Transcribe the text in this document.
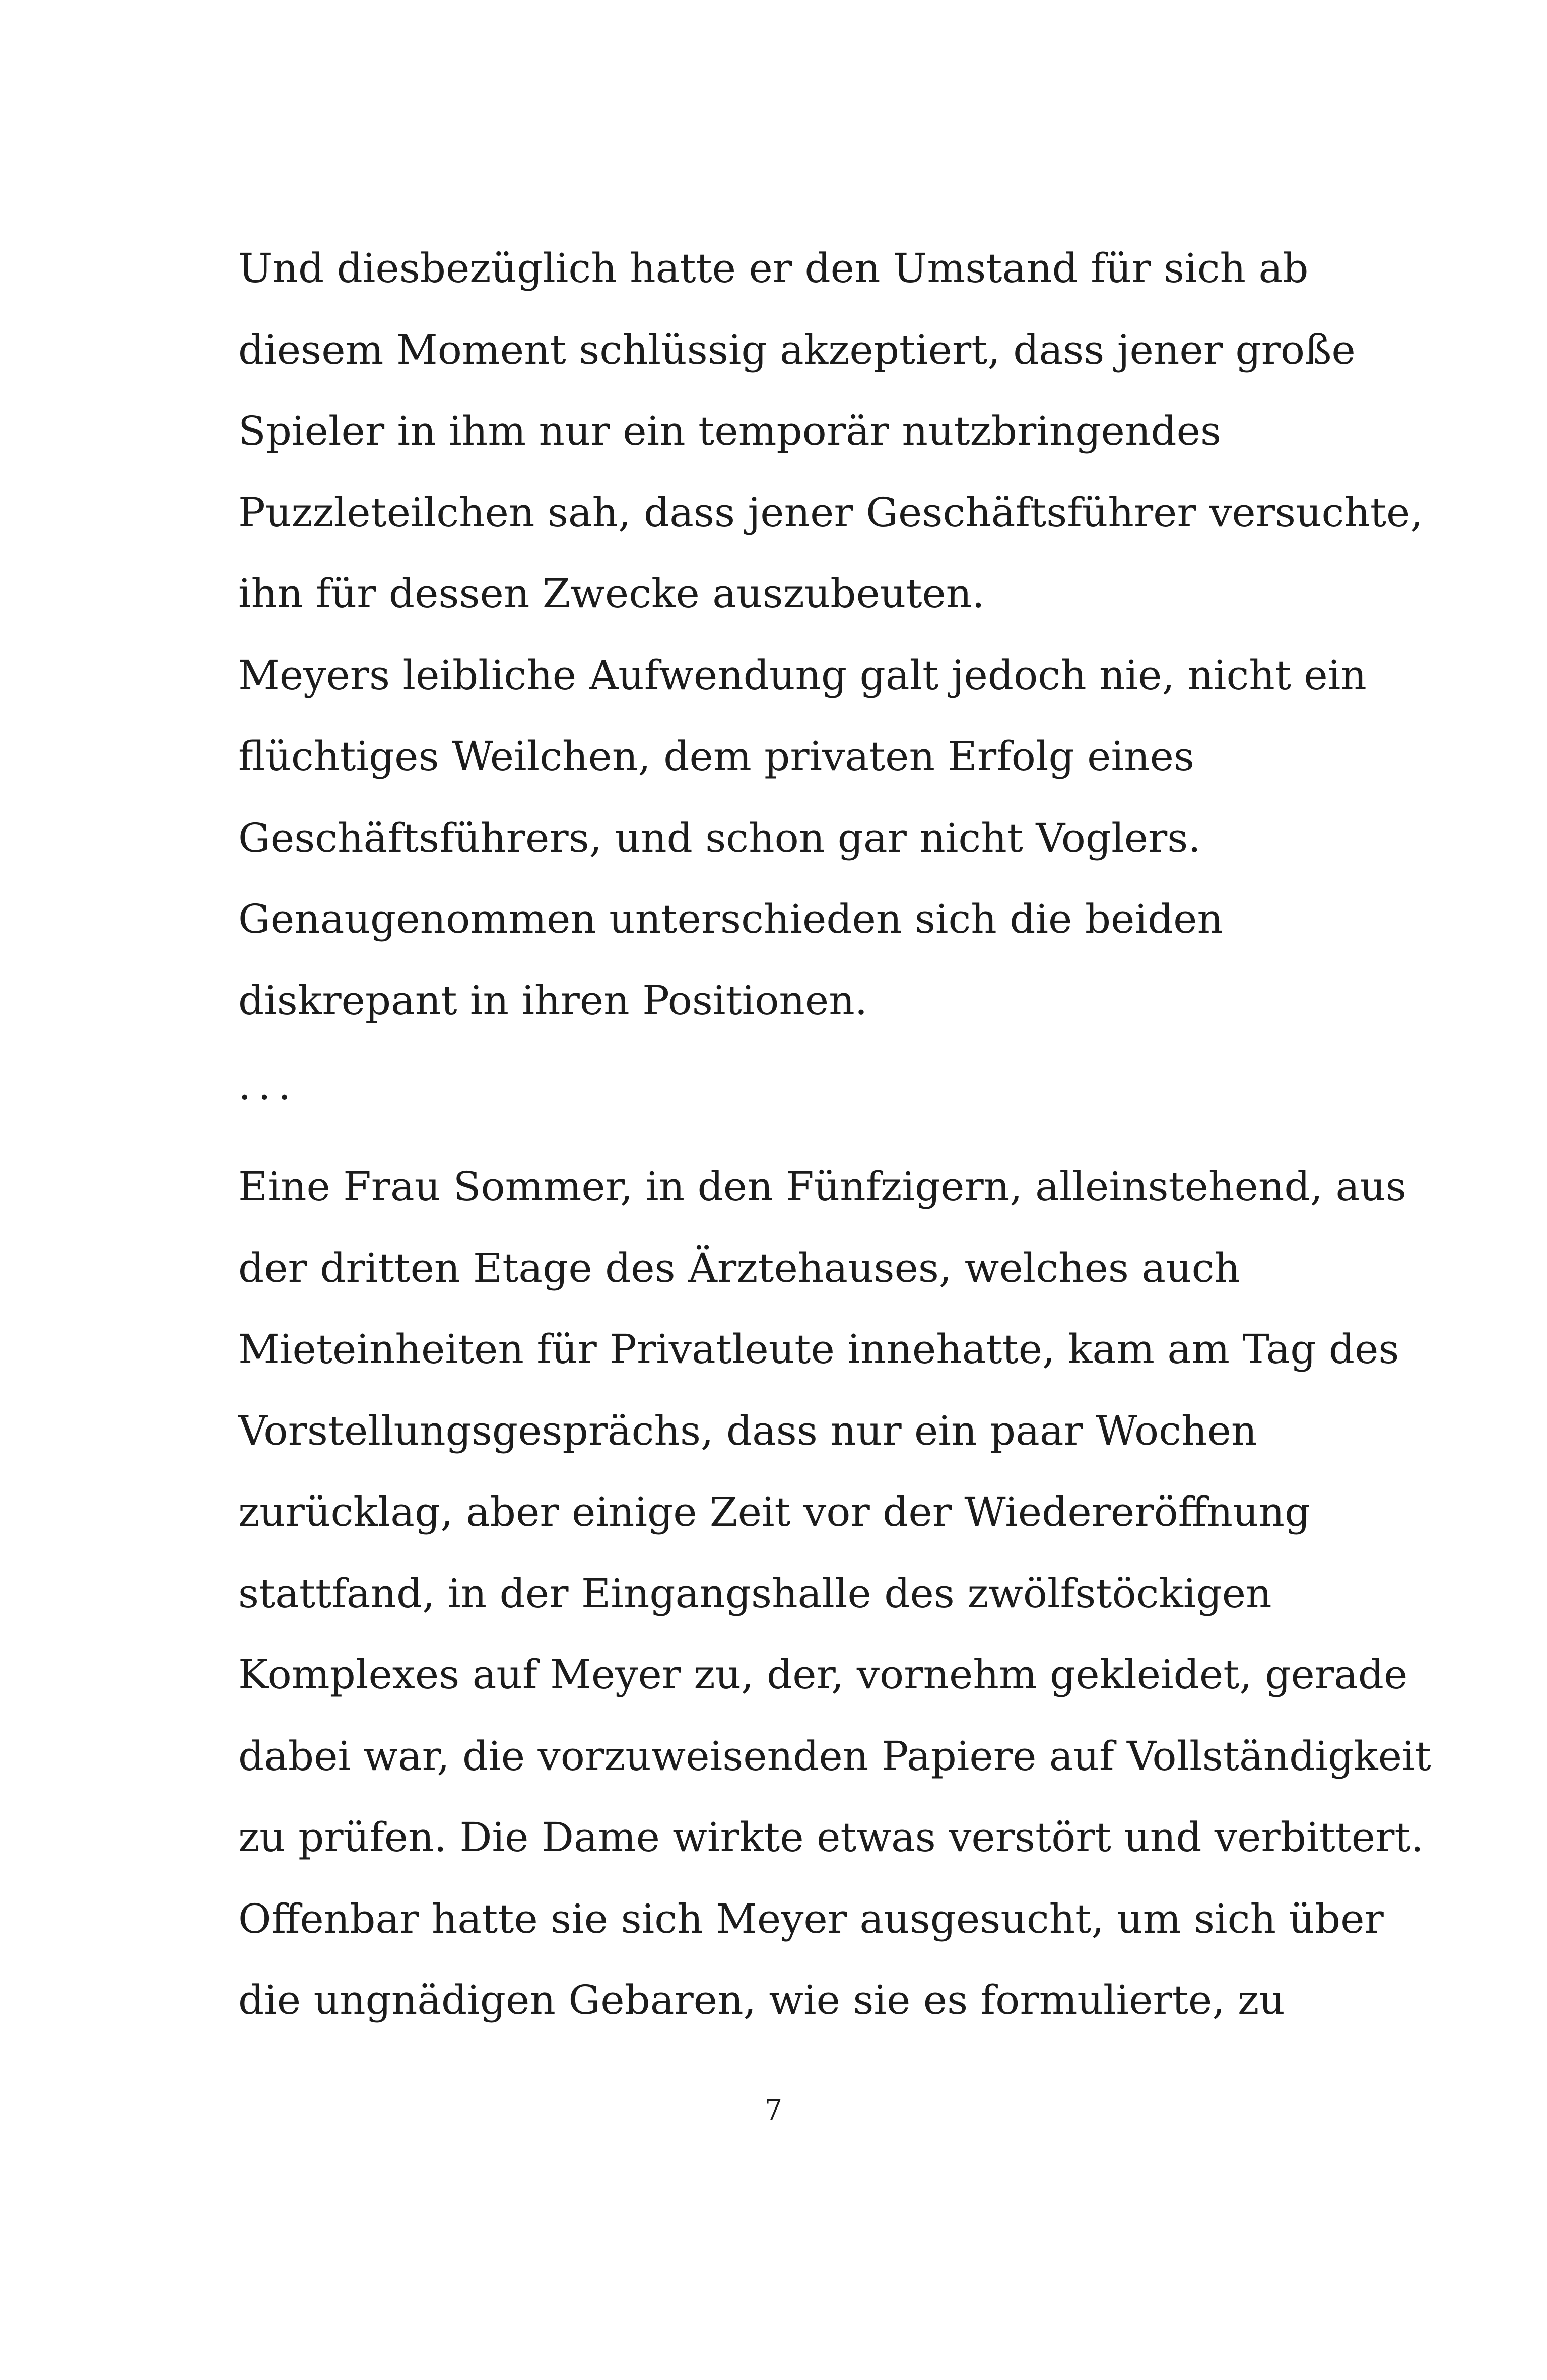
Und diesbezüglich hatte er den Umstand für sich ab
diesem Moment schlüssig akzeptiert, dass jener große
Spieler in ihm nur ein temporär nutzbringendes
Puzzleteilchen sah, dass jener Geschäftsführer versuchte,
ihn für dessen Zwecke auszubeuten.
Meyers leibliche Aufwendung galt jedoch nie, nicht ein
flüchtiges Weilchen, dem privaten Erfolg eines
Geschäftsführers, und schon gar nicht Voglers.
Genaugenommen unterschieden sich die beiden
diskrepant in ihren Positionen.
...
Eine Frau Sommer, in den Fünfzigern, alleinstehend, aus
der dritten Etage des Ärztehauses, welches auch
Mieteinheiten für Privatleute innehatte, kam am Tag des
Vorstellungsgesprächs, dass nur ein paar Wochen
zurücklag, aber einige Zeit vor der Wiedereröffnung
stattfand, in der Eingangshalle des zwölfstöckigen
Komplexes auf Meyer zu, der, vornehm gekleidet, gerade
dabei war, die vorzuweisenden Papiere auf Vollständigkeit
zu prüfen. Die Dame wirkte etwas verstört und verbittert.
Offenbar hatte sie sich Meyer ausgesucht, um sich über
die ungnädigen Gebaren, wie sie es formulierte, zu
7
